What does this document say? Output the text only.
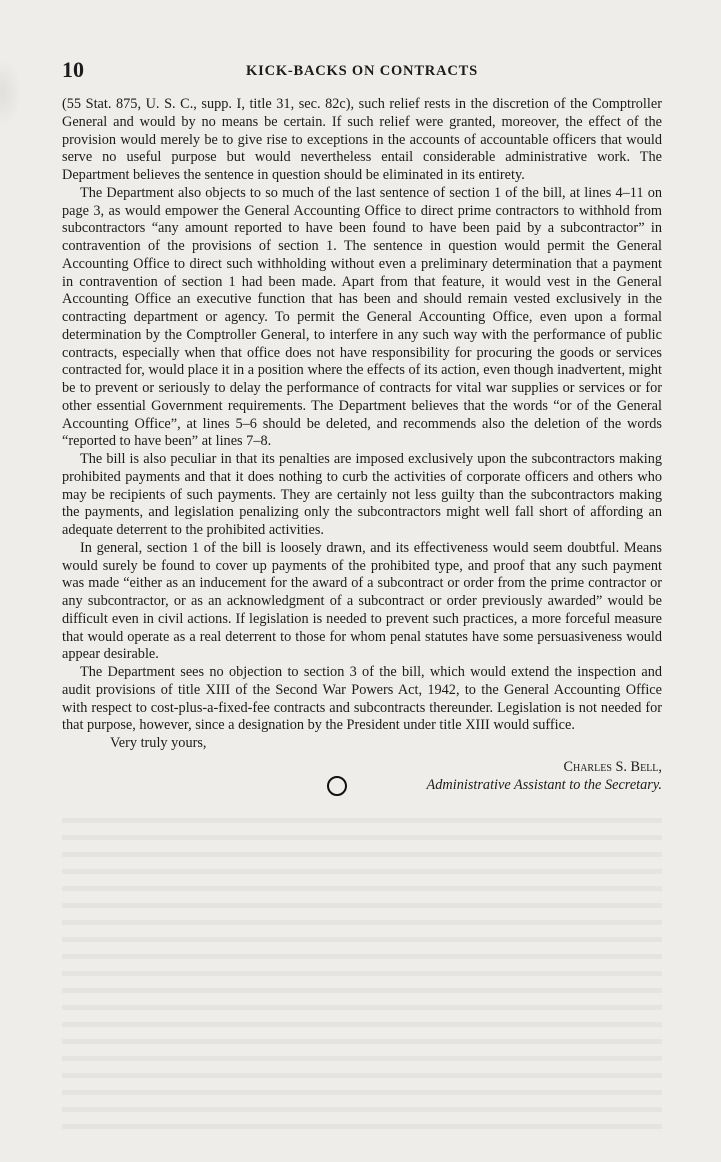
10	KICK-BACKS ON CONTRACTS

(55 Stat. 875, U. S. C., supp. I, title 31, sec. 82c), such relief rests in the discretion of the Comptroller General and would by no means be certain. If such relief were granted, moreover, the effect of the provision would merely be to give rise to exceptions in the accounts of accountable officers that would serve no useful purpose but would nevertheless entail considerable administrative work. The Department believes the sentence in question should be eliminated in its entirety.

The Department also objects to so much of the last sentence of section 1 of the bill, at lines 4–11 on page 3, as would empower the General Accounting Office to direct prime contractors to withhold from subcontractors “any amount reported to have been found to have been paid by a subcontractor” in contravention of the provisions of section 1. The sentence in question would permit the General Accounting Office to direct such withholding without even a preliminary determination that a payment in contravention of section 1 had been made. Apart from that feature, it would vest in the General Accounting Office an executive function that has been and should remain vested exclusively in the contracting department or agency. To permit the General Accounting Office, even upon a formal determination by the Comptroller General, to interfere in any such way with the performance of public contracts, especially when that office does not have responsibility for procuring the goods or services contracted for, would place it in a position where the effects of its action, even though inadvertent, might be to prevent or seriously to delay the performance of contracts for vital war supplies or services or for other essential Government requirements. The Department believes that the words “or of the General Accounting Office”, at lines 5–6 should be deleted, and recommends also the deletion of the words “reported to have been” at lines 7–8.

The bill is also peculiar in that its penalties are imposed exclusively upon the subcontractors making prohibited payments and that it does nothing to curb the activities of corporate officers and others who may be recipients of such payments. They are certainly not less guilty than the subcontractors making the payments, and legislation penalizing only the subcontractors might well fall short of affording an adequate deterrent to the prohibited activities.

In general, section 1 of the bill is loosely drawn, and its effectiveness would seem doubtful. Means would surely be found to cover up payments of the prohibited type, and proof that any such payment was made “either as an inducement for the award of a subcontract or order from the prime contractor or any subcontractor, or as an acknowledgment of a subcontract or order previously awarded” would be difficult even in civil actions. If legislation is needed to prevent such practices, a more forceful measure that would operate as a real deterrent to those for whom penal statutes have some persuasiveness would appear desirable.

The Department sees no objection to section 3 of the bill, which would extend the inspection and audit provisions of title XIII of the Second War Powers Act, 1942, to the General Accounting Office with respect to cost-plus-a-fixed-fee contracts and subcontracts thereunder. Legislation is not needed for that purpose, however, since a designation by the President under title XIII would suffice.

Very truly yours,

Charles S. Bell,
Administrative Assistant to the Secretary.
